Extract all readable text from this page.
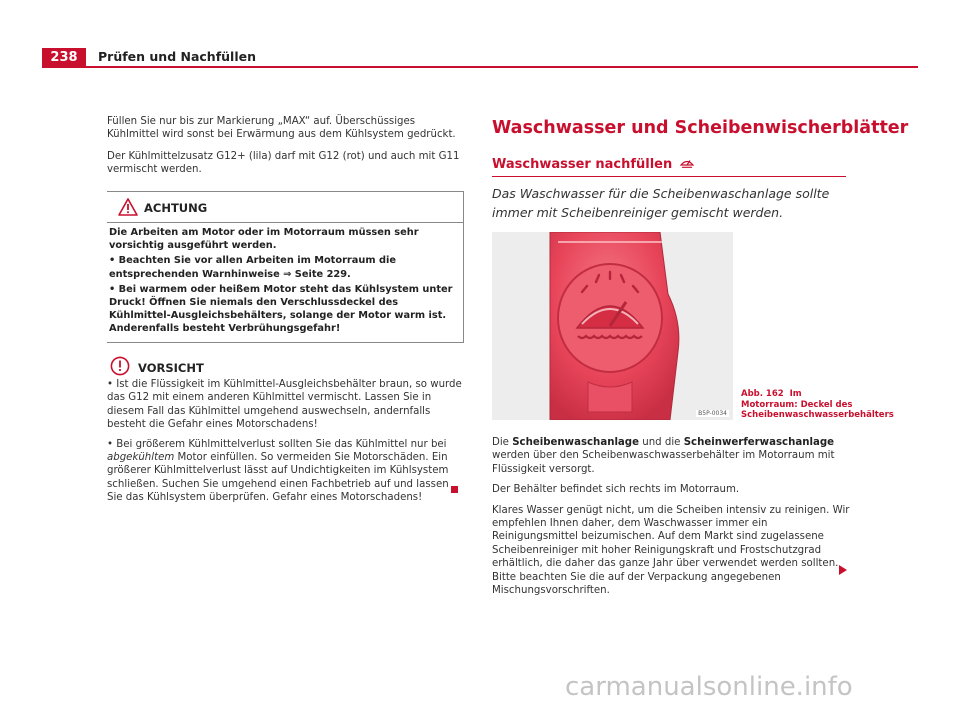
238	Prüfen und Nachfüllen

Füllen Sie nur bis zur Markierung „MAX“ auf. Überschüssiges Kühlmittel wird sonst bei Erwärmung aus dem Kühlsystem gedrückt.

Der Kühlmittelzusatz G12+ (lila) darf mit G12 (rot) und auch mit G11 vermischt werden.

ACHTUNG

Die Arbeiten am Motor oder im Motorraum müssen sehr vorsichtig ausgeführt werden.

• Beachten Sie vor allen Arbeiten im Motorraum die entsprechenden Warnhinweise ⇒ Seite 229.

• Bei warmem oder heißem Motor steht das Kühlsystem unter Druck! Öffnen Sie niemals den Verschlussdeckel des Kühlmittel-Ausgleichsbehälters, solange der Motor warm ist. Anderenfalls besteht Verbrühungsgefahr!

VORSICHT

• Ist die Flüssigkeit im Kühlmittel-Ausgleichsbehälter braun, so wurde das G12 mit einem anderen Kühlmittel vermischt. Lassen Sie in diesem Fall das Kühlmittel umgehend auswechseln, andernfalls besteht die Gefahr eines Motorschadens!

• Bei größerem Kühlmittelverlust sollten Sie das Kühlmittel nur bei abgekühltem Motor einfüllen. So vermeiden Sie Motorschäden. Ein größerer Kühlmittelverlust lässt auf Undichtigkeiten im Kühlsystem schließen. Suchen Sie umgehend einen Fachbetrieb auf und lassen Sie das Kühlsystem überprüfen. Gefahr eines Motorschadens!

Waschwasser und Scheibenwischerblätter
Waschwasser nachfüllen
Das Waschwasser für die Scheibenwaschanlage sollte immer mit Scheibenreiniger gemischt werden.
B5P-0034
Abb. 162 Im Motorraum: Deckel des Scheibenwaschwasserbehälters

Die Scheibenwaschanlage und die Scheinwerferwaschanlage werden über den Scheibenwaschwasserbehälter im Motorraum mit Flüssigkeit versorgt.

Der Behälter befindet sich rechts im Motorraum.

Klares Wasser genügt nicht, um die Scheiben intensiv zu reinigen. Wir empfehlen Ihnen daher, dem Waschwasser immer ein Reinigungsmittel beizumischen. Auf dem Markt sind zugelassene Scheibenreiniger mit hoher Reinigungskraft und Frostschutzgrad erhältlich, die daher das ganze Jahr über verwendet werden sollten. Bitte beachten Sie die auf der Verpackung angegebenen Mischungsvorschriften.

carmanualsonline.info
